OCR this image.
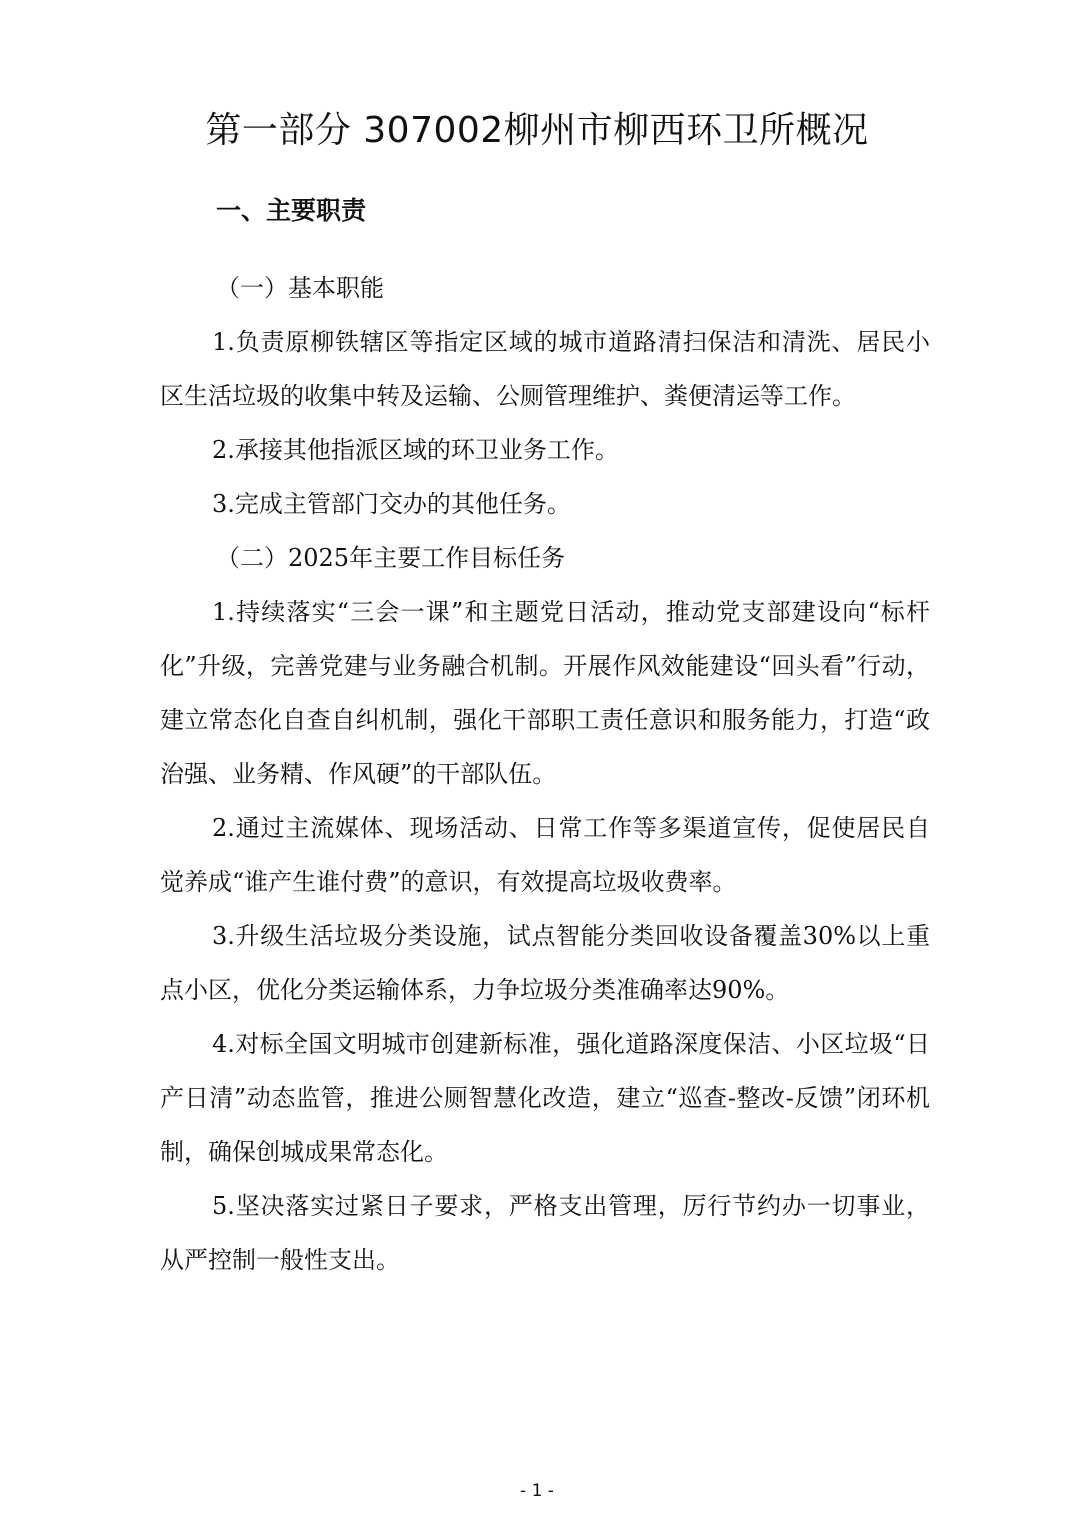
第一部分 307002柳州市柳西环卫所概况
一、主要职责

（一）基本职能

1.负责原柳铁辖区等指定区域的城市道路清扫保洁和清洗、居民小区生活垃圾的收集中转及运输、公厕管理维护、粪便清运等工作。

2.承接其他指派区域的环卫业务工作。

3.完成主管部门交办的其他任务。

（二）2025年主要工作目标任务

1.持续落实“三会一课”和主题党日活动，推动党支部建设向“标杆化”升级，完善党建与业务融合机制。开展作风效能建设“回头看”行动，建立常态化自查自纠机制，强化干部职工责任意识和服务能力，打造“政治强、业务精、作风硬”的干部队伍。

2.通过主流媒体、现场活动、日常工作等多渠道宣传，促使居民自觉养成“谁产生谁付费”的意识，有效提高垃圾收费率。

3.升级生活垃圾分类设施，试点智能分类回收设备覆盖30%以上重点小区，优化分类运输体系，力争垃圾分类准确率达90%。

4.对标全国文明城市创建新标准，强化道路深度保洁、小区垃圾“日产日清”动态监管，推进公厕智慧化改造，建立“巡查-整改-反馈”闭环机制，确保创城成果常态化。

5.坚决落实过紧日子要求，严格支出管理，厉行节约办一切事业，从严控制一般性支出。

- 1 -
